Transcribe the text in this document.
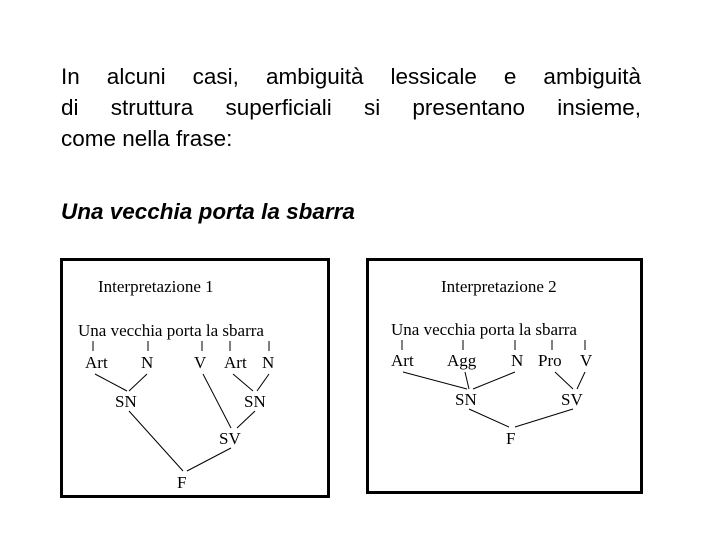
In alcuni casi, ambiguità lessicale e ambiguità
di struttura superficiali si presentano insieme,
come nella frase:
Una vecchia porta la sbarra
Interpretazione 1
Una vecchia porta la sbarra
Art N V Art N
SN	SN
SV
F
Interpretazione 2
Una vecchia porta la sbarra
Art Agg N Pro V
SN	SV
F
